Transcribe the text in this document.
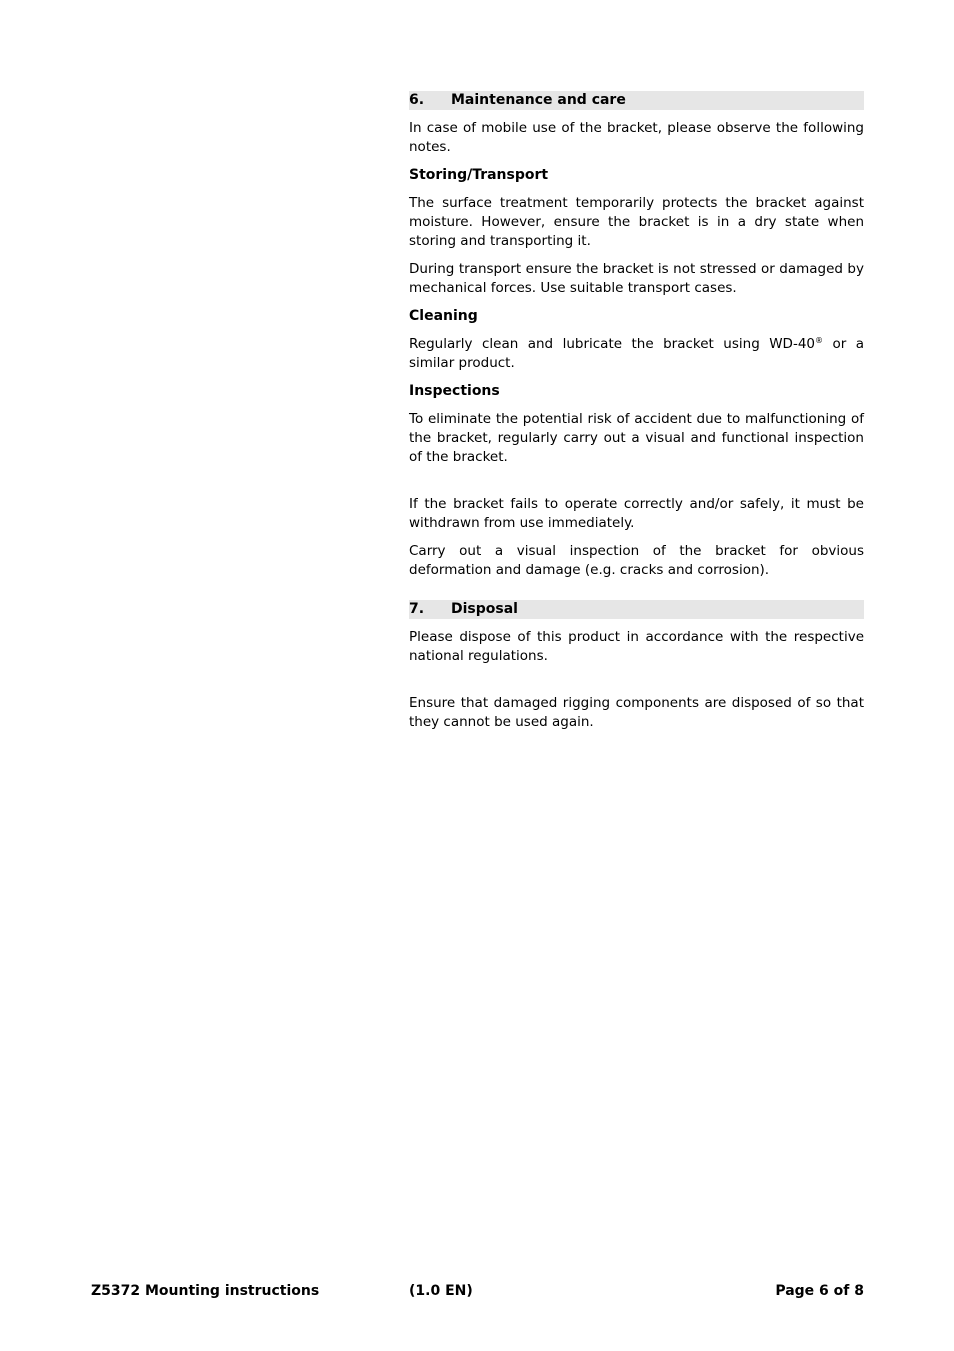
6.	Maintenance and care

In case of mobile use of the bracket, please observe the following notes.

Storing/Transport

The surface treatment temporarily protects the bracket against moisture. However, ensure the bracket is in a dry state when storing and transporting it.

During transport ensure the bracket is not stressed or damaged by mechanical forces. Use suitable transport cases.

Cleaning

Regularly clean and lubricate the bracket using WD-40® or a similar product.

Inspections

To eliminate the potential risk of accident due to malfunctioning of the bracket, regularly carry out a visual and functional inspection of the bracket.

If the bracket fails to operate correctly and/or safely, it must be withdrawn from use immediately.

Carry out a visual inspection of the bracket for obvious deformation and damage (e.g. cracks and corrosion).

7.	Disposal

Please dispose of this product in accordance with the respective national regulations.

Ensure that damaged rigging components are disposed of so that they cannot be used again.

Z5372 Mounting instructions	(1.0 EN)	Page 6 of 8
